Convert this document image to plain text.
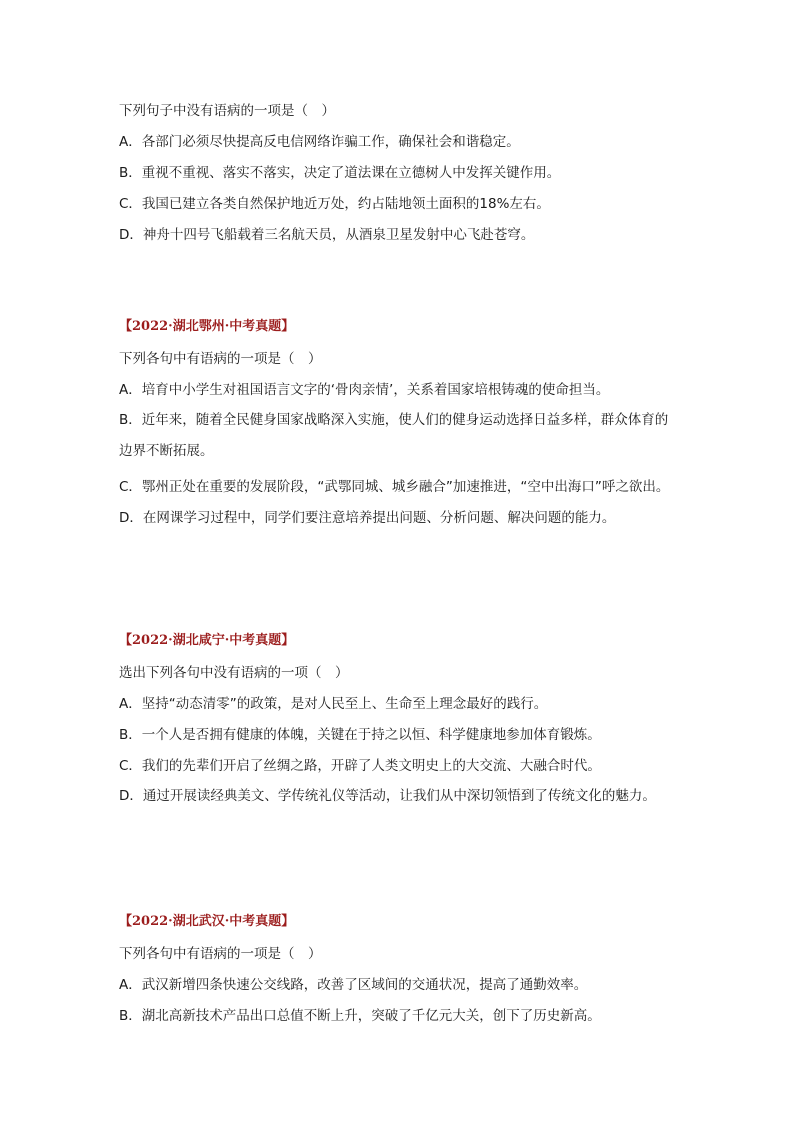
下列句子中没有语病的一项是（　）

A．各部门必须尽快提高反电信网络诈骗工作，确保社会和谐稳定。

B．重视不重视、落实不落实，决定了道法课在立德树人中发挥关键作用。

C．我国已建立各类自然保护地近万处，约占陆地领土面积的18%左右。

D．神舟十四号飞船载着三名航天员，从酒泉卫星发射中心飞赴苍穹。

【2022·湖北鄂州·中考真题】

下列各句中有语病的一项是（　）

A．培育中小学生对祖国语言文字的‘骨肉亲情’，关系着国家培根铸魂的使命担当。

B．近年来，随着全民健身国家战略深入实施，使人们的健身运动选择日益多样，群众体育的边界不断拓展。

C．鄂州正处在重要的发展阶段，“武鄂同城、城乡融合”加速推进，“空中出海口”呼之欲出。

D．在网课学习过程中，同学们要注意培养提出问题、分析问题、解决问题的能力。

【2022·湖北咸宁·中考真题】

选出下列各句中没有语病的一项（　）

A．坚持“动态清零”的政策，是对人民至上、生命至上理念最好的践行。

B．一个人是否拥有健康的体魄，关键在于持之以恒、科学健康地参加体育锻炼。

C．我们的先辈们开启了丝绸之路，开辟了人类文明史上的大交流、大融合时代。

D．通过开展读经典美文、学传统礼仪等活动，让我们从中深切领悟到了传统文化的魅力。

【2022·湖北武汉·中考真题】

下列各句中有语病的一项是（　）

A．武汉新增四条快速公交线路，改善了区域间的交通状况，提高了通勤效率。

B．湖北高新技术产品出口总值不断上升，突破了千亿元大关，创下了历史新高。
